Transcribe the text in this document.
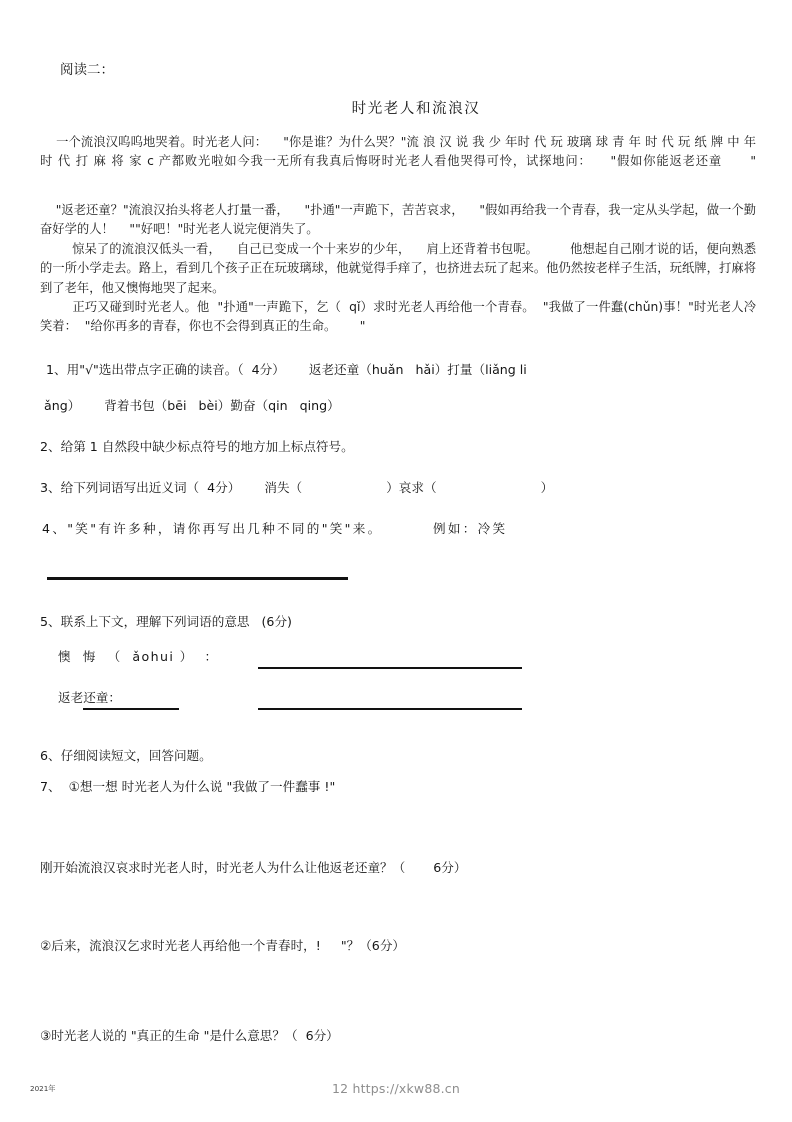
阅读二：
时光老人和流浪汉

一个流浪汉呜呜地哭着。时光老人问：    "你是谁？为什么哭？"流 浪 汉 说 我 少 年时 代 玩 玻璃 球 青 年 时 代 玩 纸 牌 中 年 时 代 打 麻 将 家 c 产都败光啦如今我一无所有我真后悔呀时光老人看他哭得可怜，试探地问：    "假如你能返老还童      "

"返老还童？"流浪汉抬头将老人打量一番，    "扑通"一声跪下，苦苦哀求，    "假如再给我一个青春，我一定从头学起，做一个勤奋好学的人！    ""好吧！"时光老人说完便消失了。

惊呆了的流浪汉低头一看，    自己已变成一个十来岁的少年，    肩上还背着书包呢。        他想起自己刚才说的话，便向熟悉的一所小学走去。路上，看到几个孩子正在玩玻璃球，他就觉得手痒了，也挤进去玩了起来。他仍然按老样子生活，玩纸牌，打麻将      到了老年，他又懊悔地哭了起来。

正巧又碰到时光老人。他  "扑通"一声跪下，乞（  qǐ）求时光老人再给他一个青春。  "我做了一件蠢(chǔn)事！"时光老人冷笑着：  "给你再多的青春，你也不会得到真正的生命。      "

1、用"√"选出带点字正确的读音。（  4分）      返老还童（huǎn   hǎi）打量（liǎng li
ǎng）      背着书包（bēi   bèi）勤奋（qin   qing）
2、给第 1 自然段中缺少标点符号的地方加上标点符号。
3、给下列词语写出近义词（  4分）      消失（                     ）哀求（                          ）
4、"笑"有许多种，请你再写出几种不同的"笑"来。        例如：冷笑
5、联系上下文，理解下列词语的意思   (6分)
懊  悔  （  ǎohui ）  ：
返老还童：
6、仔细阅读短文，回答问题。
7、  ①想一想 时光老人为什么说 "我做了一件蠢事 !"
刚开始流浪汉哀求时光老人时，时光老人为什么让他返老还童？（       6分）
②后来，流浪汉乞求时光老人再给他一个青春时，!     "？（6分）
③时光老人说的 "真正的生命 "是什么意思？（  6分）
2021年	12 https://xkw88.cn
